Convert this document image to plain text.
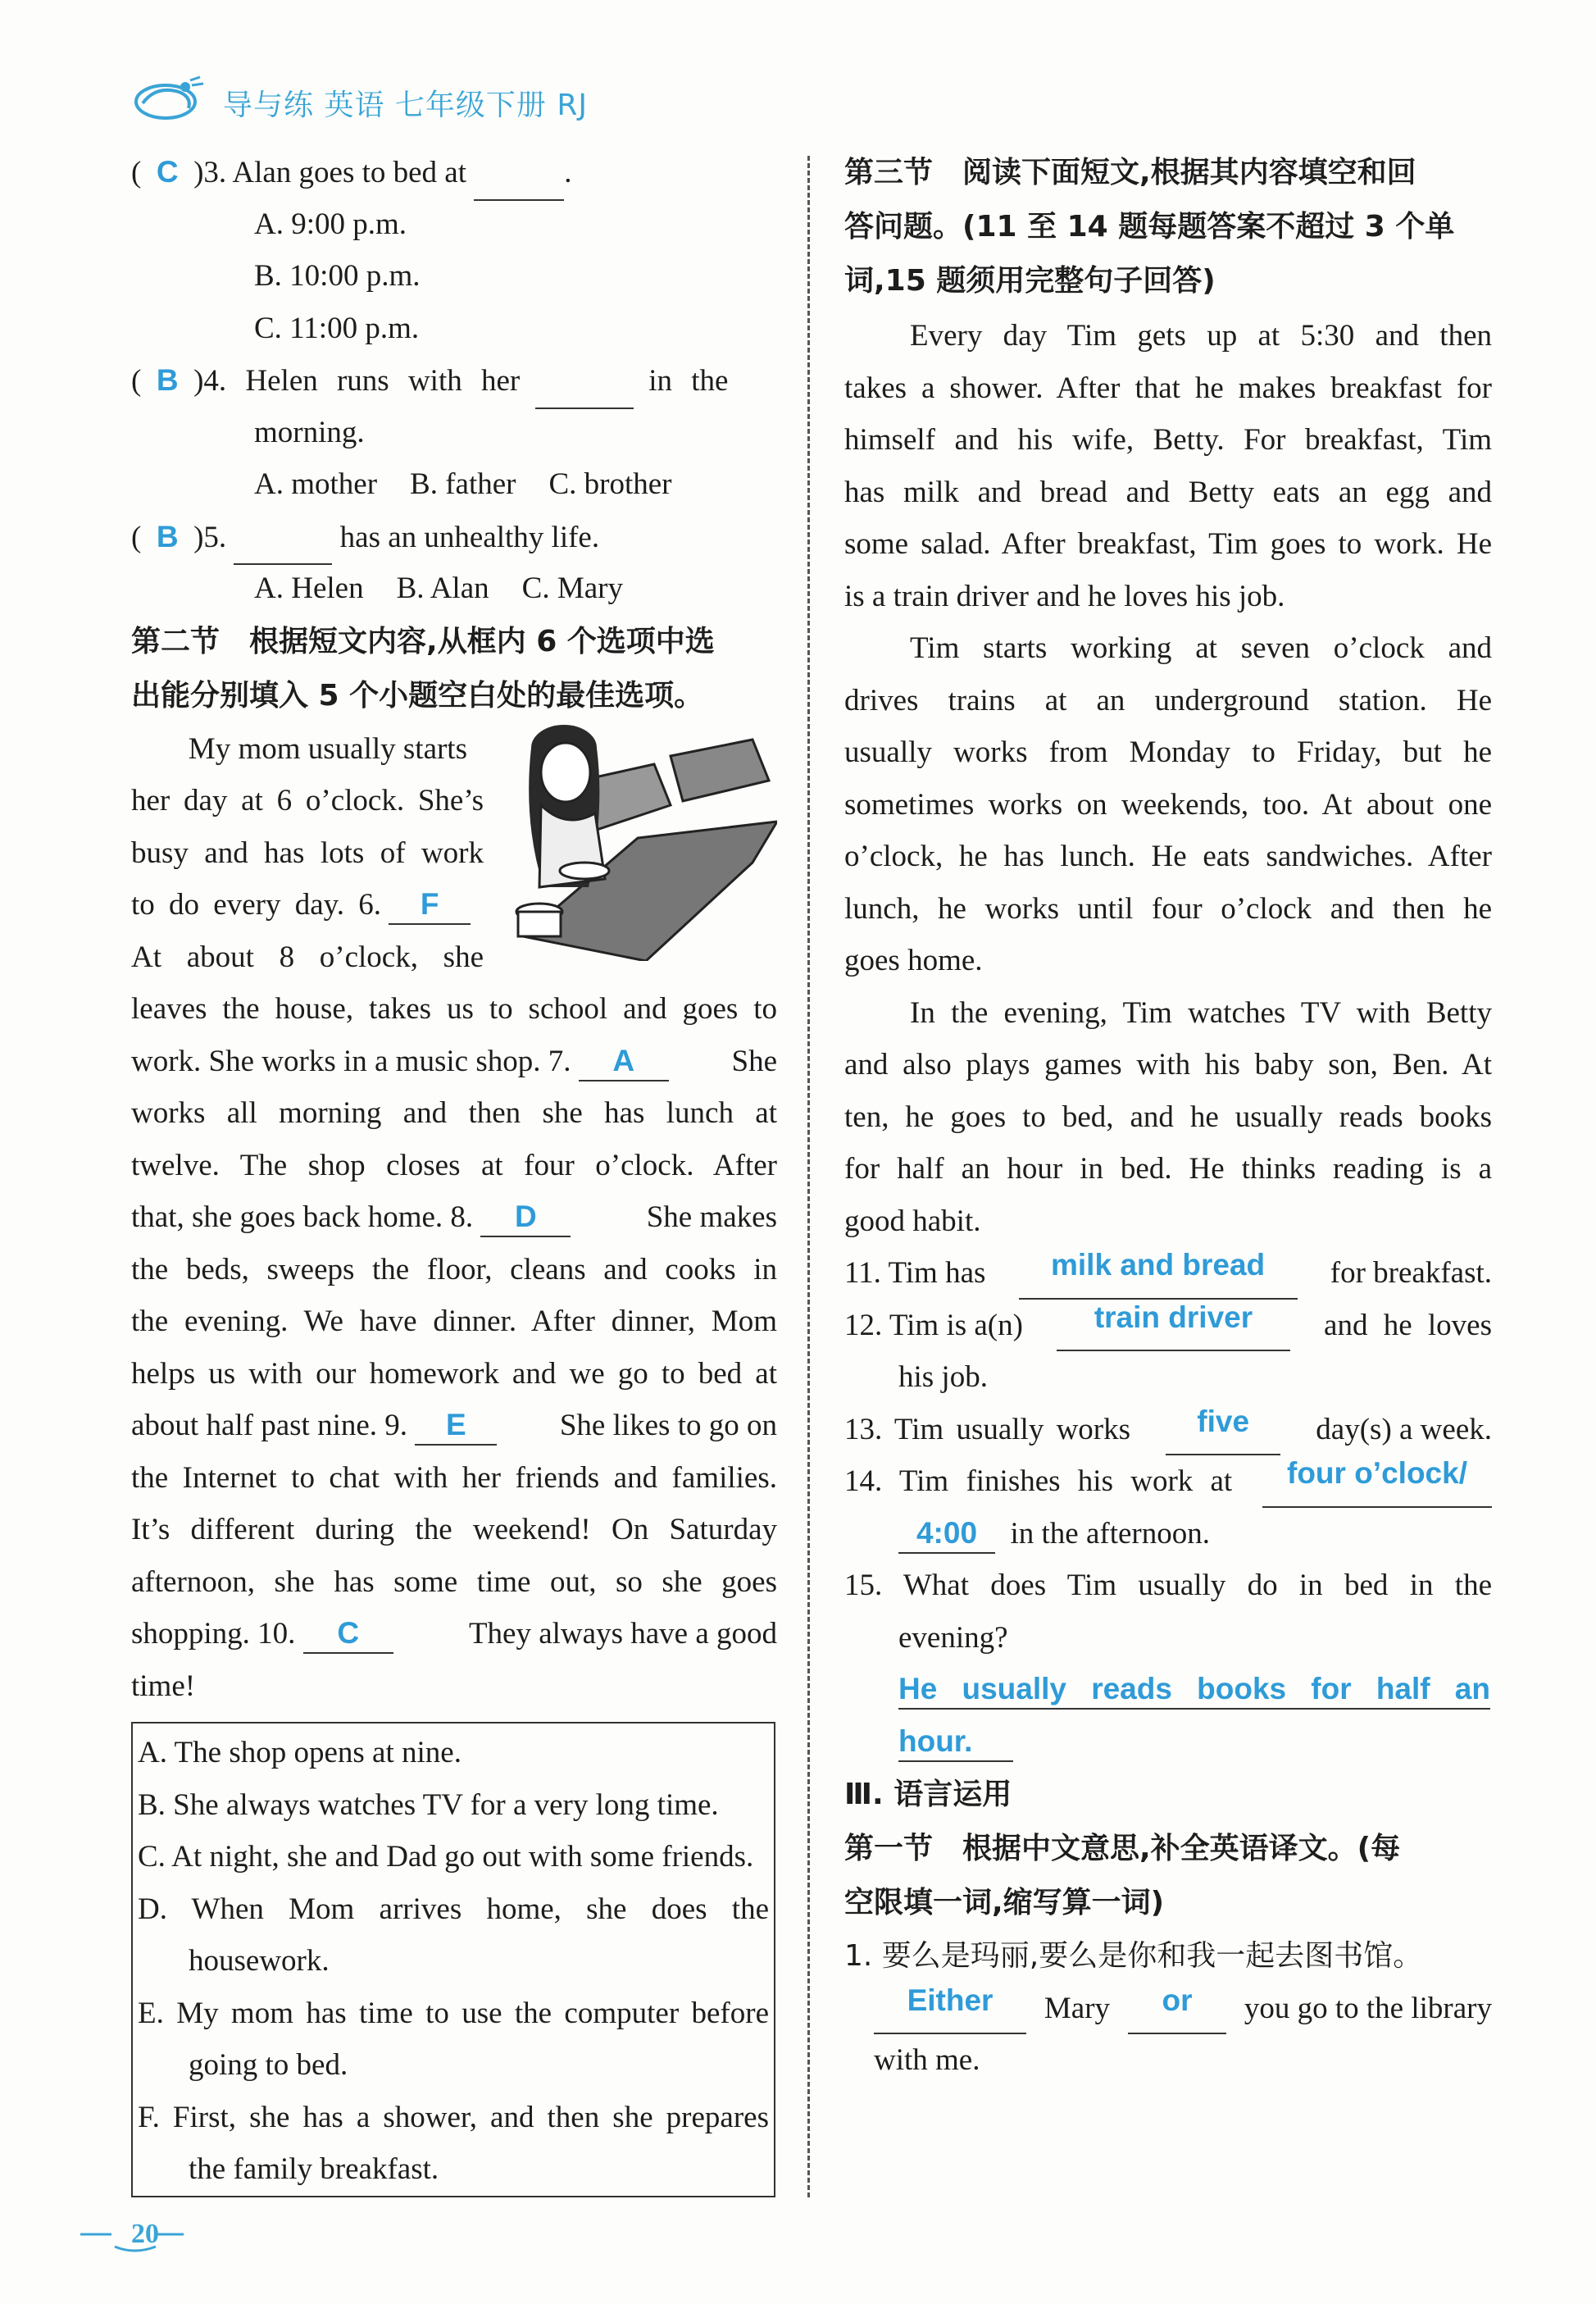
导与练 英语 七年级下册 RJ
( C )3. Alan goes to bed at	.
A. 9:00 p.m.
B. 10:00 p.m.
C. 11:00 p.m.
( B )4. Helen runs with her	in the
morning.
A. mother B. father C. brother
( B )5.	has an unhealthy life.
A. Helen B. Alan C. Mary
第二节　根据短文内容,从框内 6 个选项中选
出能分别填入 5 个小题空白处的最佳选项。
My mom usually starts
her day at 6 o’clock. She’s
busy and has lots of work
to do every day. 6. F
At about 8 o’clock, she
leaves the house, takes us to school and goes to
work. She works in a music shop. 7. A	She
works all morning and then she has lunch at
twelve. The shop closes at four o’clock. After
that, she goes back home. 8. D	She makes
the beds, sweeps the floor, cleans and cooks in
the evening. We have dinner. After dinner, Mom
helps us with our homework and we go to bed at
about half past nine. 9. E	She likes to go on
the Internet to chat with her friends and families.
It’s different during the weekend! On Saturday
afternoon, she has some time out, so she goes
shopping. 10. C	They always have a good
time!
A. The shop opens at nine.
B. She always watches TV for a very long time.
C. At night, she and Dad go out with some friends.
D. When Mom arrives home, she does the
housework.
E. My mom has time to use the computer before
going to bed.
F. First, she has a shower, and then she prepares
the family breakfast.
第三节　阅读下面短文,根据其内容填空和回
答问题。(11 至 14 题每题答案不超过 3 个单
词,15 题须用完整句子回答)
Every day Tim gets up at 5:30 and then
takes a shower. After that he makes breakfast for
himself and his wife, Betty. For breakfast, Tim
has milk and bread and Betty eats an egg and
some salad. After breakfast, Tim goes to work. He
is a train driver and he loves his job.
Tim starts working at seven o’clock and
drives trains at an underground station. He
usually works from Monday to Friday, but he
sometimes works on weekends, too. At about one
o’clock, he has lunch. He eats sandwiches. After
lunch, he works until four o’clock and then he
goes home.
In the evening, Tim watches TV with Betty
and also plays games with his baby son, Ben. At
ten, he goes to bed, and he usually reads books
for half an hour in bed. He thinks reading is a
good habit.
11. Tim has	milk and bread	for breakfast.
12. Tim is a(n)	train driver	and he loves
his job.
13. Tim usually works	five	day(s) a week.
14. Tim finishes his work at	four o’clock/
4:00 in the afternoon.
15. What does Tim usually do in bed in the
evening?
He usually reads books for half an
hour.
Ⅲ. 语言运用
第一节　根据中文意思,补全英语译文。(每
空限填一词,缩写算一词)
1. 要么是玛丽,要么是你和我一起去图书馆。
Either	Mary	or	you go to the library
with me.
20
